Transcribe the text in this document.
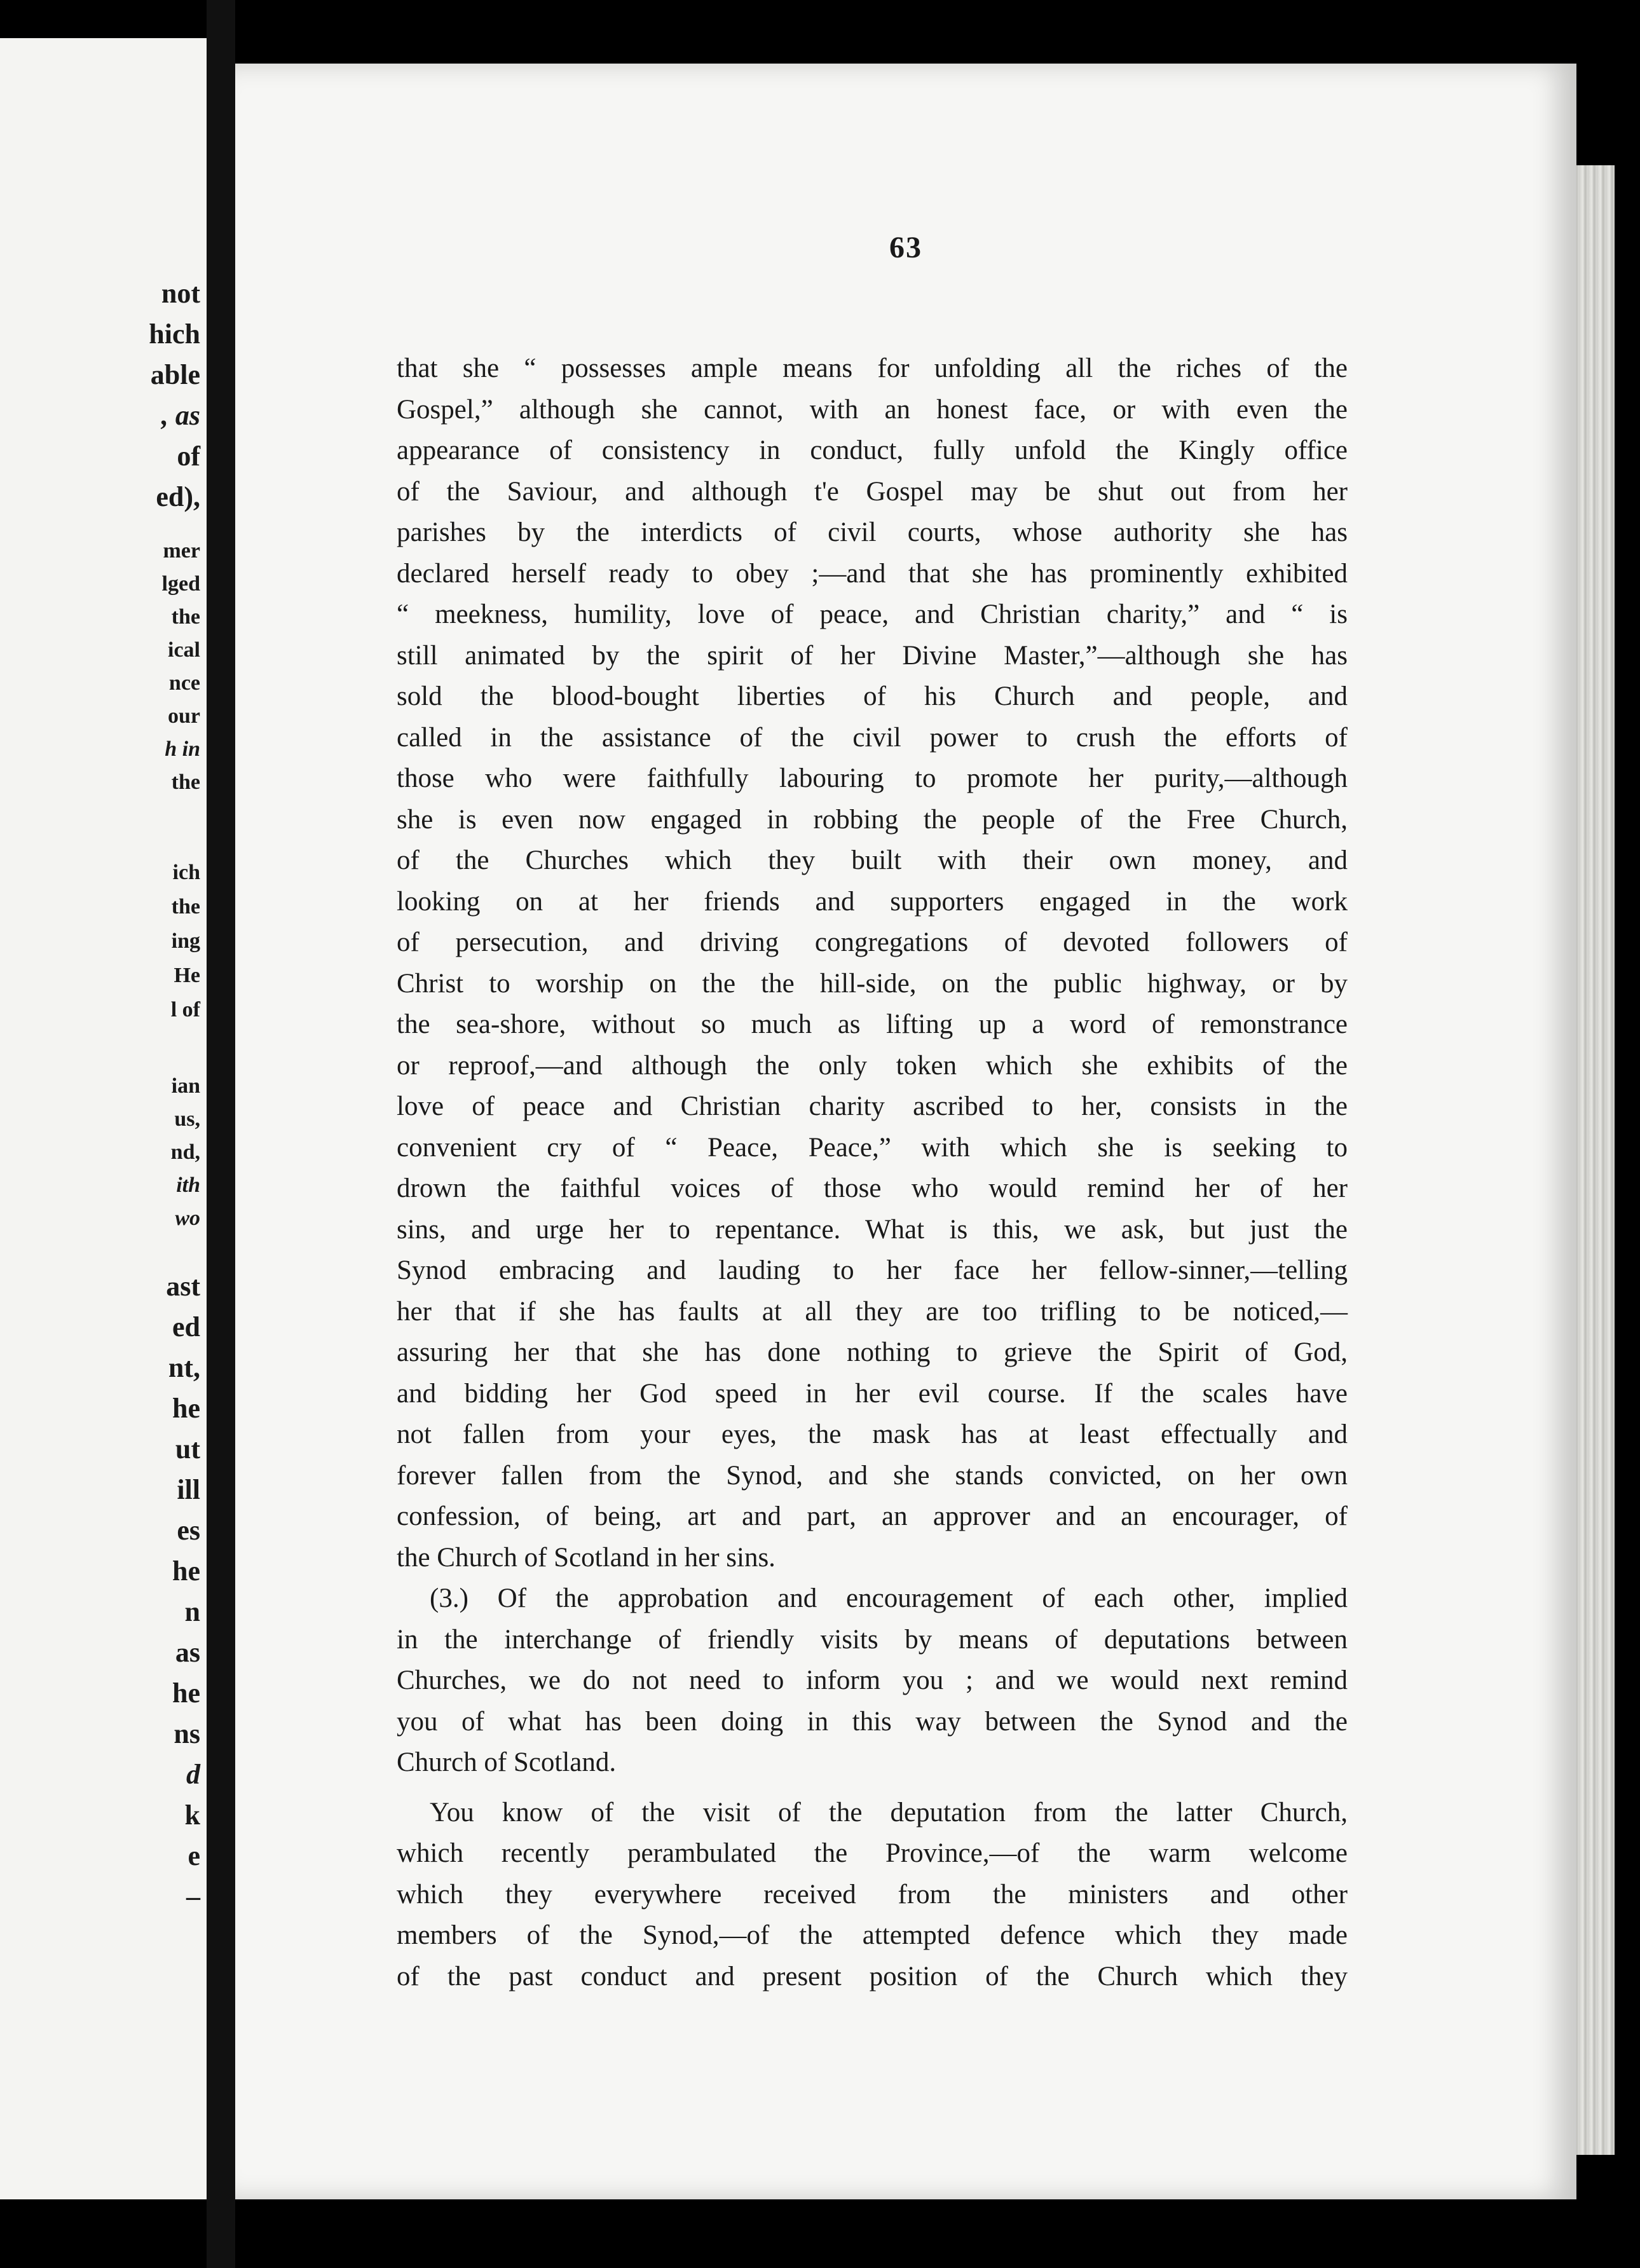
not
hich
able
, as
of
ed),
mer
lged
the
ical
nce
our
h in
the
ich
the
ing
He
l of
ian
us,
nd,
ith
wo
ast
ed
nt,
he
ut
ill
es
he
n
as
he
ns
d
k
e
–
63
that she “ possesses ample means for unfolding all the riches of the
Gospel,” although she cannot, with an honest face, or with even the
appearance of consistency in conduct, fully unfold the Kingly office
of the Saviour, and although t'e Gospel may be shut out from her
parishes by the interdicts of civil courts, whose authority she has
declared herself ready to obey ;—and that she has prominently exhibited
“ meekness, humility, love of peace, and Christian charity,” and “ is
still animated by the spirit of her Divine Master,”—although she has
sold the blood-bought liberties of his Church and people, and
called in the assistance of the civil power to crush the efforts of
those who were faithfully labouring to promote her purity,—although
she is even now engaged in robbing the people of the Free Church,
of the Churches which they built with their own money, and
looking on at her friends and supporters engaged in the work
of persecution, and driving congregations of devoted followers of
Christ to worship on the the hill-side, on the public highway, or by
the sea-shore, without so much as lifting up a word of remonstrance
or reproof,—and although the only token which she exhibits of the
love of peace and Christian charity ascribed to her, consists in the
convenient cry of “ Peace, Peace,” with which she is seeking to
drown the faithful voices of those who would remind her of her
sins, and urge her to repentance. What is this, we ask, but just the
Synod embracing and lauding to her face her fellow-sinner,—telling
her that if she has faults at all they are too trifling to be noticed,—
assuring her that she has done nothing to grieve the Spirit of God,
and bidding her God speed in her evil course. If the scales have
not fallen from your eyes, the mask has at least effectually and
forever fallen from the Synod, and she stands convicted, on her own
confession, of being, art and part, an approver and an encourager, of
the Church of Scotland in her sins.
(3.) Of the approbation and encouragement of each other, implied
in the interchange of friendly visits by means of deputations between
Churches, we do not need to inform you ; and we would next remind
you of what has been doing in this way between the Synod and the
Church of Scotland.
You know of the visit of the deputation from the latter Church,
which recently perambulated the Province,—of the warm welcome
which they everywhere received from the ministers and other
members of the Synod,—of the attempted defence which they made
of the past conduct and present position of the Church which they
